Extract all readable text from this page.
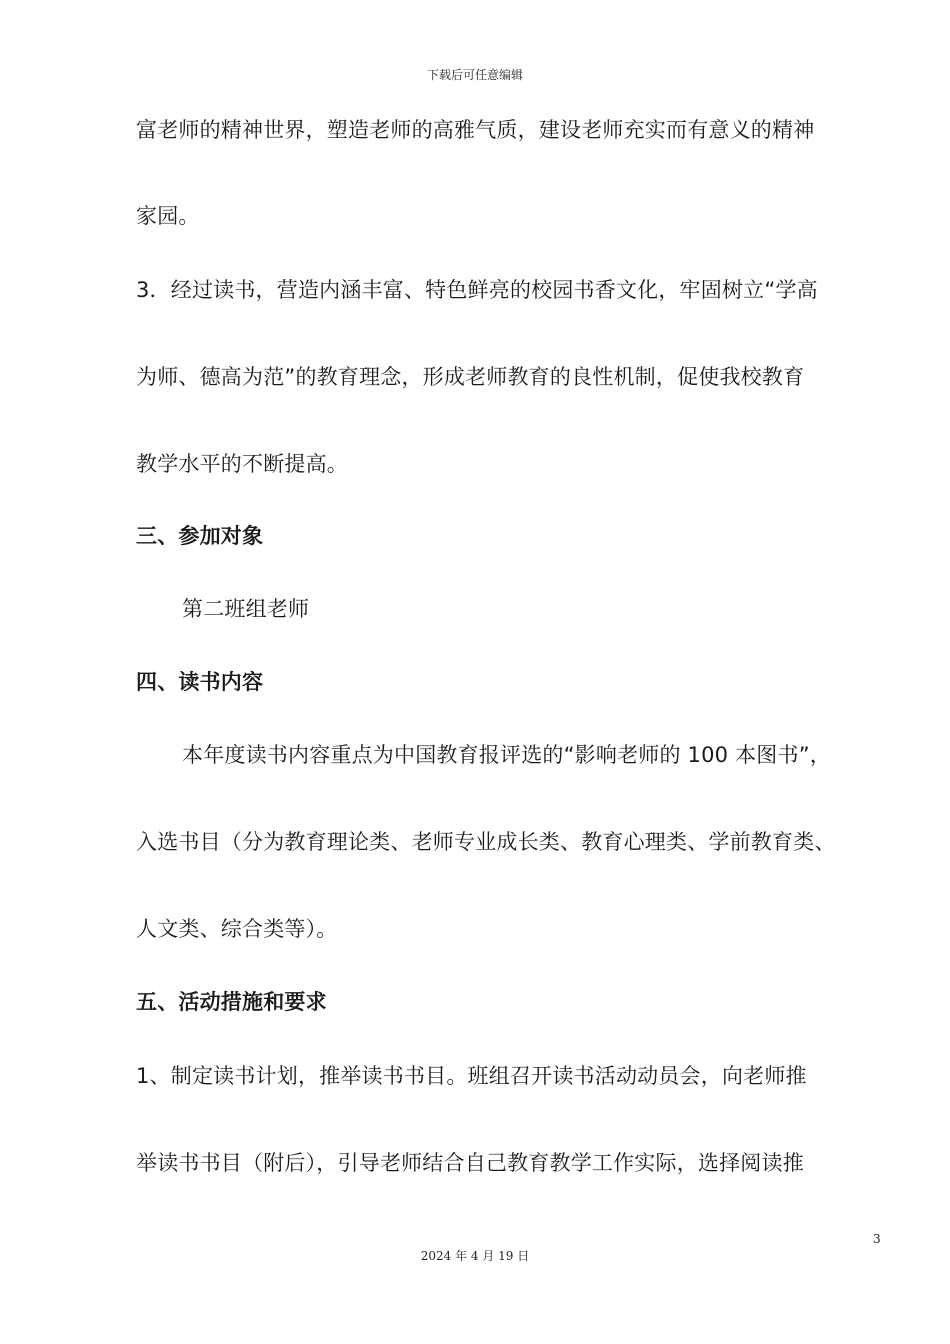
下载后可任意编辑
富老师的精神世界，塑造老师的高雅气质，建设老师充实而有意义的精神
家园。
3．经过读书，营造内涵丰富、特色鲜亮的校园书香文化，牢固树立“学高
为师、德高为范”的教育理念，形成老师教育的良性机制，促使我校教育
教学水平的不断提高。
三、参加对象
第二班组老师
四、读书内容
本年度读书内容重点为中国教育报评选的“影响老师的 100 本图书”，
入选书目（分为教育理论类、老师专业成长类、教育心理类、学前教育类、
人文类、综合类等）。
五、活动措施和要求
1、制定读书计划，推举读书书目。班组召开读书活动动员会，向老师推
举读书书目（附后），引导老师结合自己教育教学工作实际，选择阅读推
3
2024 年 4 月 19 日
